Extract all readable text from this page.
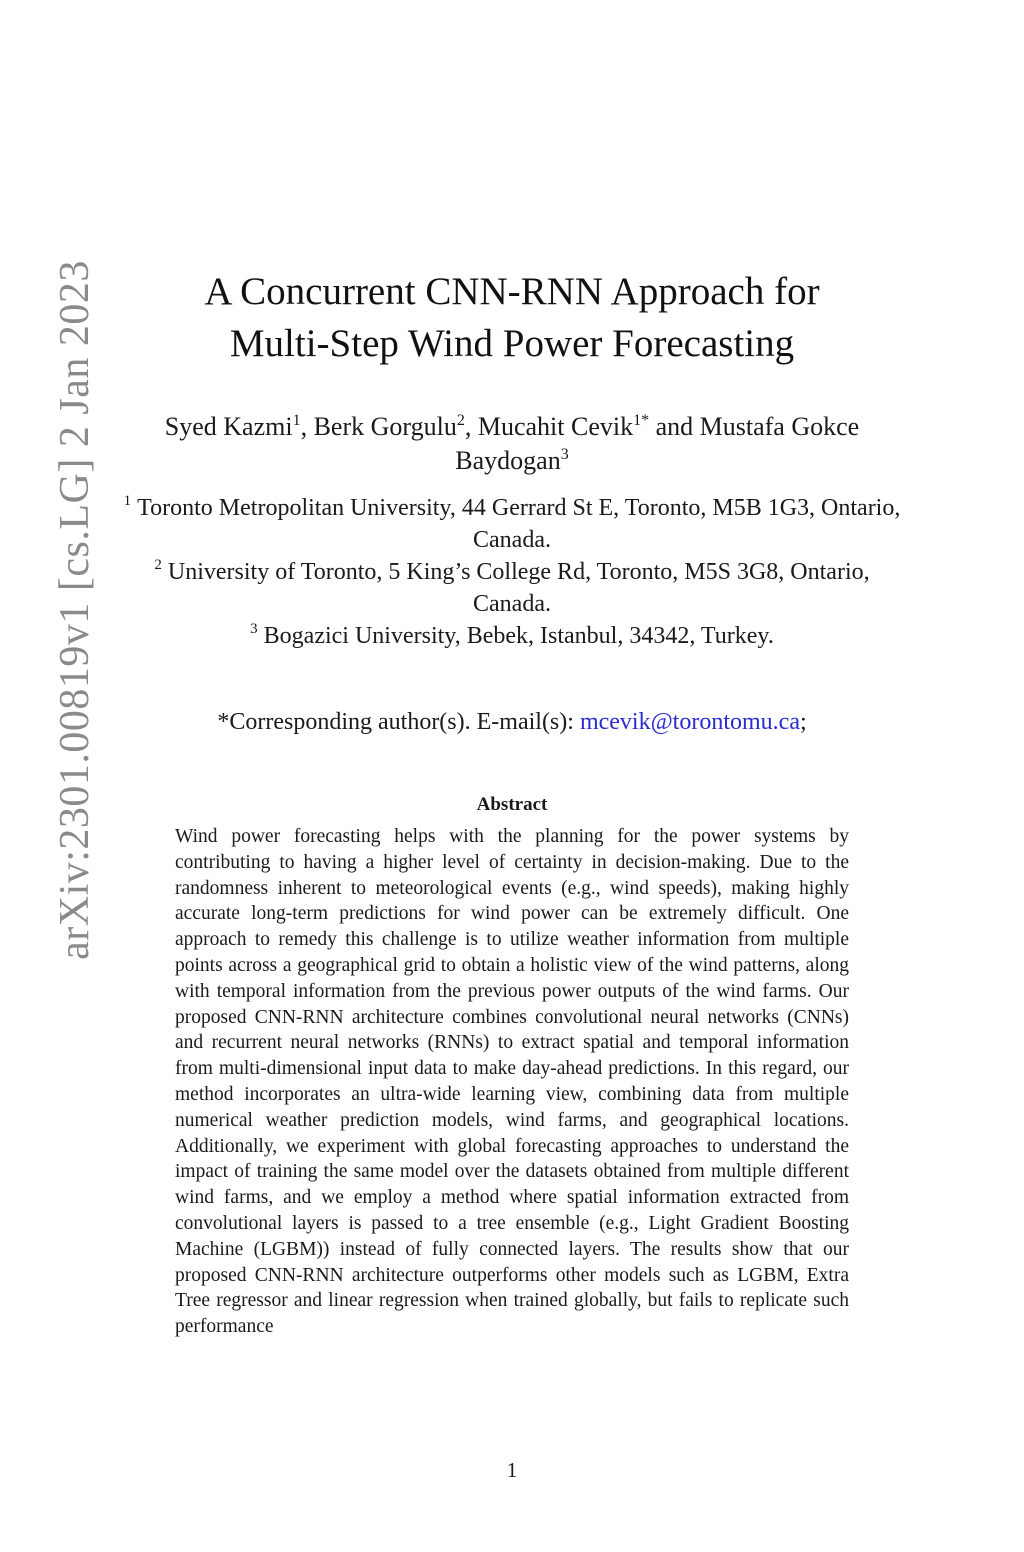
arXiv:2301.00819v1 [cs.LG] 2 Jan 2023	A Concurrent CNN-RNN Approach for
Multi-Step Wind Power Forecasting
Syed Kazmi$^1$, Berk Gorgulu$^2$, Mucahit Cevik$^{1*}$ and Mustafa Gokce Baydogan$^3$
$^1$ Toronto Metropolitan University, 44 Gerrard St E, Toronto, M5B 1G3, Ontario, Canada.
$^2$ University of Toronto, 5 King’s College Rd, Toronto, M5S 3G8, Ontario, Canada.
$^3$ Bogazici University, Bebek, Istanbul, 34342, Turkey.
*Corresponding author(s). E-mail(s): mcevik@torontomu.ca;
Abstract
Wind power forecasting helps with the planning for the power systems by contributing to having a higher level of certainty in decision-making. Due to the randomness inherent to meteorological events (e.g., wind speeds), making highly accurate long-term predictions for wind power can be extremely difficult. One approach to remedy this challenge is to utilize weather information from multiple points across a geographical grid to obtain a holistic view of the wind patterns, along with temporal information from the previous power outputs of the wind farms. Our proposed CNN-RNN architecture combines convolutional neural networks (CNNs) and recurrent neural networks (RNNs) to extract spatial and temporal information from multi-dimensional input data to make day-ahead predictions. In this regard, our method incorporates an ultra-wide learning view, combining data from multiple numerical weather prediction models, wind farms, and geographical locations. Additionally, we experiment with global forecasting approaches to understand the impact of training the same model over the datasets obtained from multiple different wind farms, and we employ a method where spatial information extracted from convolutional layers is passed to a tree ensemble (e.g., Light Gradient Boosting Machine (LGBM)) instead of fully connected layers. The results show that our proposed CNN-RNN architecture outperforms other models such as LGBM, Extra Tree regressor and linear regression when trained globally, but fails to replicate such performance
1
